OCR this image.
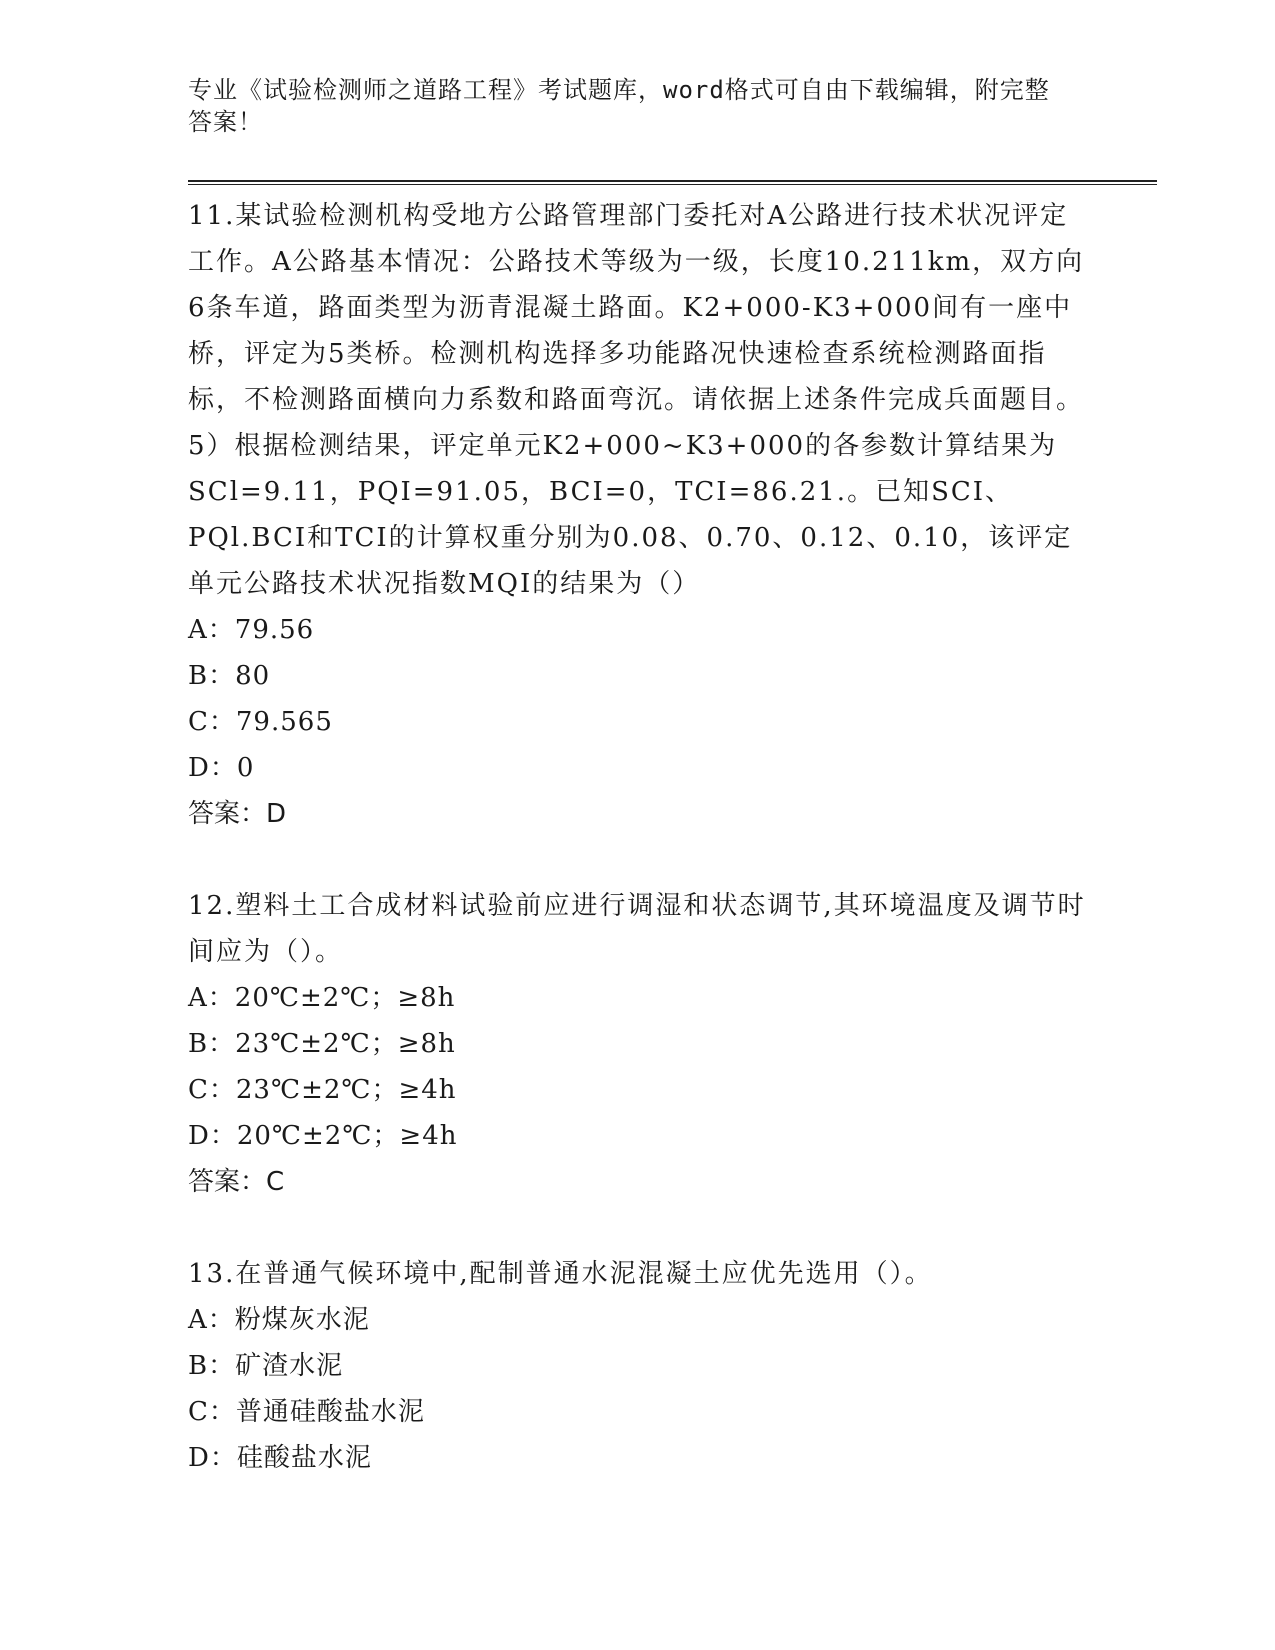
专业《试验检测师之道路工程》考试题库，word格式可自由下载编辑，附完整答案！

11.某试验检测机构受地方公路管理部门委托对A公路进行技术状况评定工作。A公路基本情况：公路技术等级为一级，长度10.211km，双方向6条车道，路面类型为沥青混凝土路面。K2+000-K3+000间有一座中桥，评定为5类桥。检测机构选择多功能路况快速检查系统检测路面指标，不检测路面横向力系数和路面弯沉。请依据上述条件完成兵面题目。5）根据检测结果，评定单元K2+000~K3+000的各参数计算结果为SCl=9.11，PQI=91.05，BCI=0，TCI=86.21.。已知SCI、PQl.BCI和TCI的计算权重分别为0.08、0.70、0.12、0.10，该评定单元公路技术状况指数MQI的结果为（）

A：79.56

B：80

C：79.565

D：0

答案：D

12.塑料土工合成材料试验前应进行调湿和状态调节,其环境温度及调节时间应为（）。

A：20℃±2℃；≥8h

B：23℃±2℃；≥8h

C：23℃±2℃；≥4h

D：20℃±2℃；≥4h

答案：C

13.在普通气候环境中,配制普通水泥混凝土应优先选用（）。

A：粉煤灰水泥

B：矿渣水泥

C：普通硅酸盐水泥

D：硅酸盐水泥
